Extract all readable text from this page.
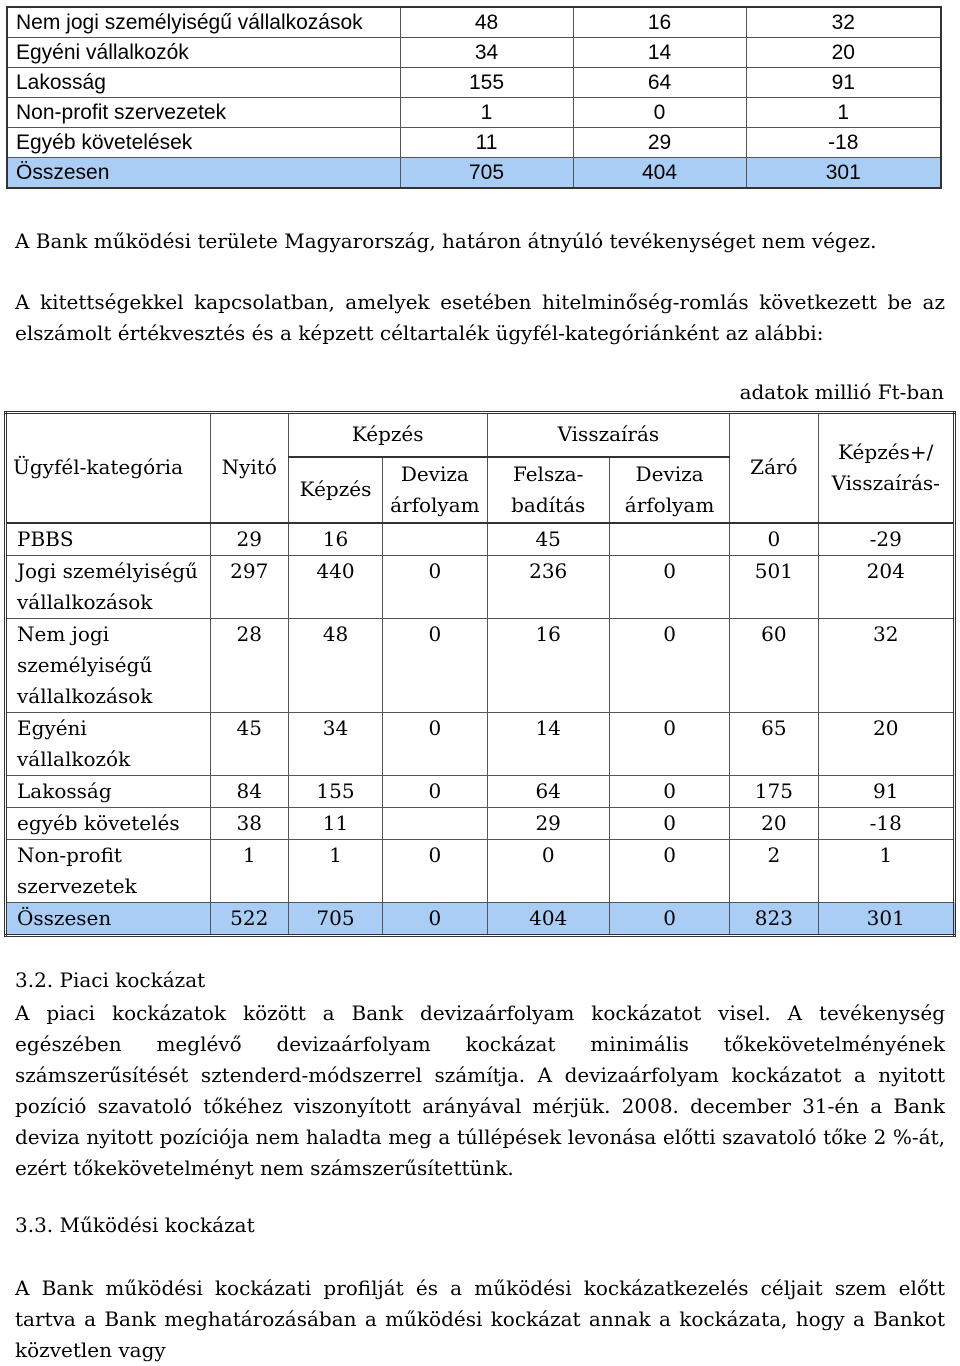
Nem jogi személyiségű vállalkozások	48	16	32
Egyéni vállalkozók	34	14	20
Lakosság	155	64	91
Non-profit szervezetek	1	0	1
Egyéb követelések	11	29	-18
Összesen	705	404	301
A Bank működési területe Magyarország, határon átnyúló tevékenységet nem végez.
A kitettségekkel kapcsolatban, amelyek esetében hitelminőség-romlás következett be az elszámolt értékvesztés és a képzett céltartalék ügyfél-kategóriánként az alábbi:
adatok millió Ft-ban
Ügyfél-kategória	Nyitó	Képzés		Visszaírás		Záró	Képzés+/ Visszaírás-
		Képzés	Deviza árfolyam	Felsza-badítás	Deviza árfolyam		
PBBS	29	16		45		0	-29
Jogi személyiségű vállalkozások	297	440	0	236	0	501	204
Nem jogi személyiségű vállalkozások	28	48	0	16	0	60	32
Egyéni vállalkozók	45	34	0	14	0	65	20
Lakosság	84	155	0	64	0	175	91
egyéb követelés	38	11		29	0	20	-18
Non-profit szervezetek	1	1	0	0	0	2	1
Összesen	522	705	0	404	0	823	301
3.2. Piaci kockázat
A piaci kockázatok között a Bank devizaárfolyam kockázatot visel. A tevékenység egészében meglévő devizaárfolyam kockázat minimális tőkekövetelményének számszerűsítését sztenderd-módszerrel számítja. A devizaárfolyam kockázatot a nyitott pozíció szavatoló tőkéhez viszonyított arányával mérjük. 2008. december 31-én a Bank deviza nyitott pozíciója nem haladta meg a túllépések levonása előtti szavatoló tőke 2 %-át, ezért tőkekövetelményt nem számszerűsítettünk.
3.3. Működési kockázat
A Bank működési kockázati profilját és a működési kockázatkezelés céljait szem előtt tartva a Bank meghatározásában a működési kockázat annak a kockázata, hogy a Bankot közvetlen vagy
